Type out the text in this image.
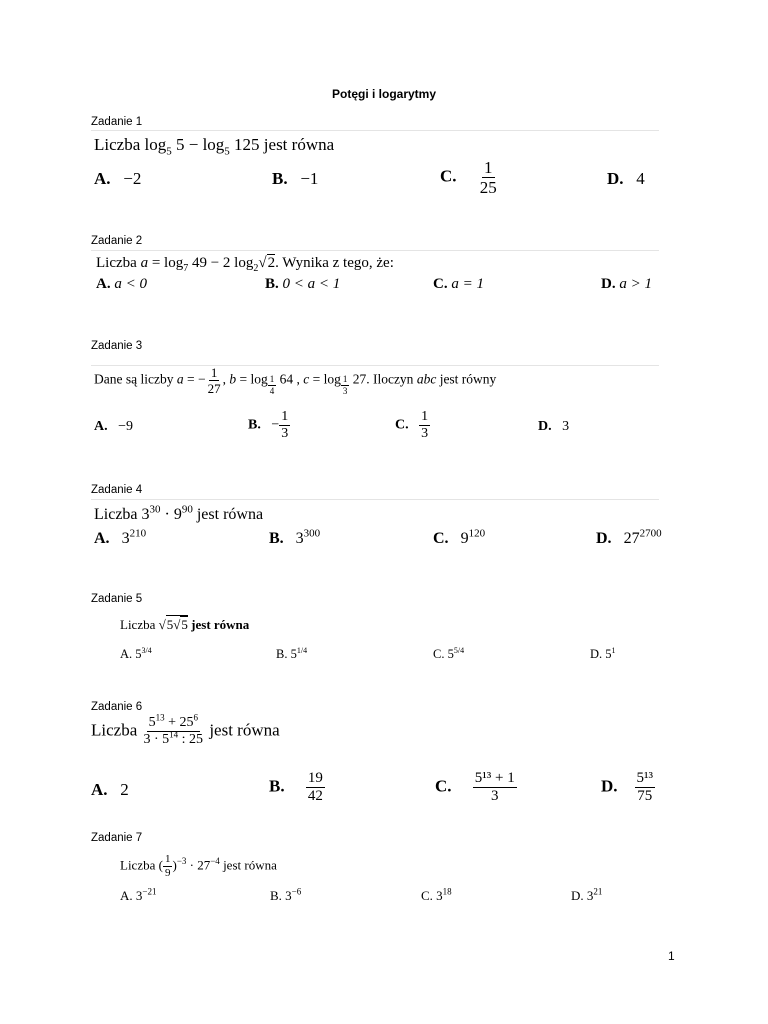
Potęgi i logarytmy
Zadanie 1
Liczba $\log_5 5 - \log_5 125$ jest równa
A. −2	B. −1	C. $\frac{1}{25}$	D. 4
Zadanie 2
Liczba $a = \log_7 49 - 2$ $\log_2√2$. Wynika z tego, że:
A. a < 0	B. 0 < a < 1	C. a = 1	D. a > 1
Zadanie 3
Dane są liczby a = − $\frac{1}{27}$ , b = log $_{\frac{1}{4}}$ 64 , c = log $_{\frac{1}{3}}$ 27. Iloczyn abc jest równy
A. −9	B. − $\frac{1}{3}$	C. $\frac{1}{3}$	D. 3
Zadanie 4
Liczba $3^{30} \cdot 9^{90}$ jest równa
A. $3^{210}$	B. $3^{300}$	C. $9^{120}$	D. $27^{2700}$
Zadanie 5
Liczba √5√5 jest równa
A. $5^{3/4}$	B. $5^{1/4}$	C. $5^{5/4}$	D. $5^1$
Zadanie 6
Liczba $\frac{5^{13} + 25^6}{3 \cdot 5^{14} : 25}$ jest równa
A. 2	B. $\frac{19}{42}$	C. $\frac{\text{5¹³ + 1}}{3}$	D. $\frac{\text{5¹³}}{75}$
Zadanie 7
Liczba ( $\frac{1}{9} )^{-3} \cdot 27^{-4}$ jest równa
A. $3^{-21}$	B. $3^{-6}$	C. $3^{18}$	D. $3^{21}$
1
